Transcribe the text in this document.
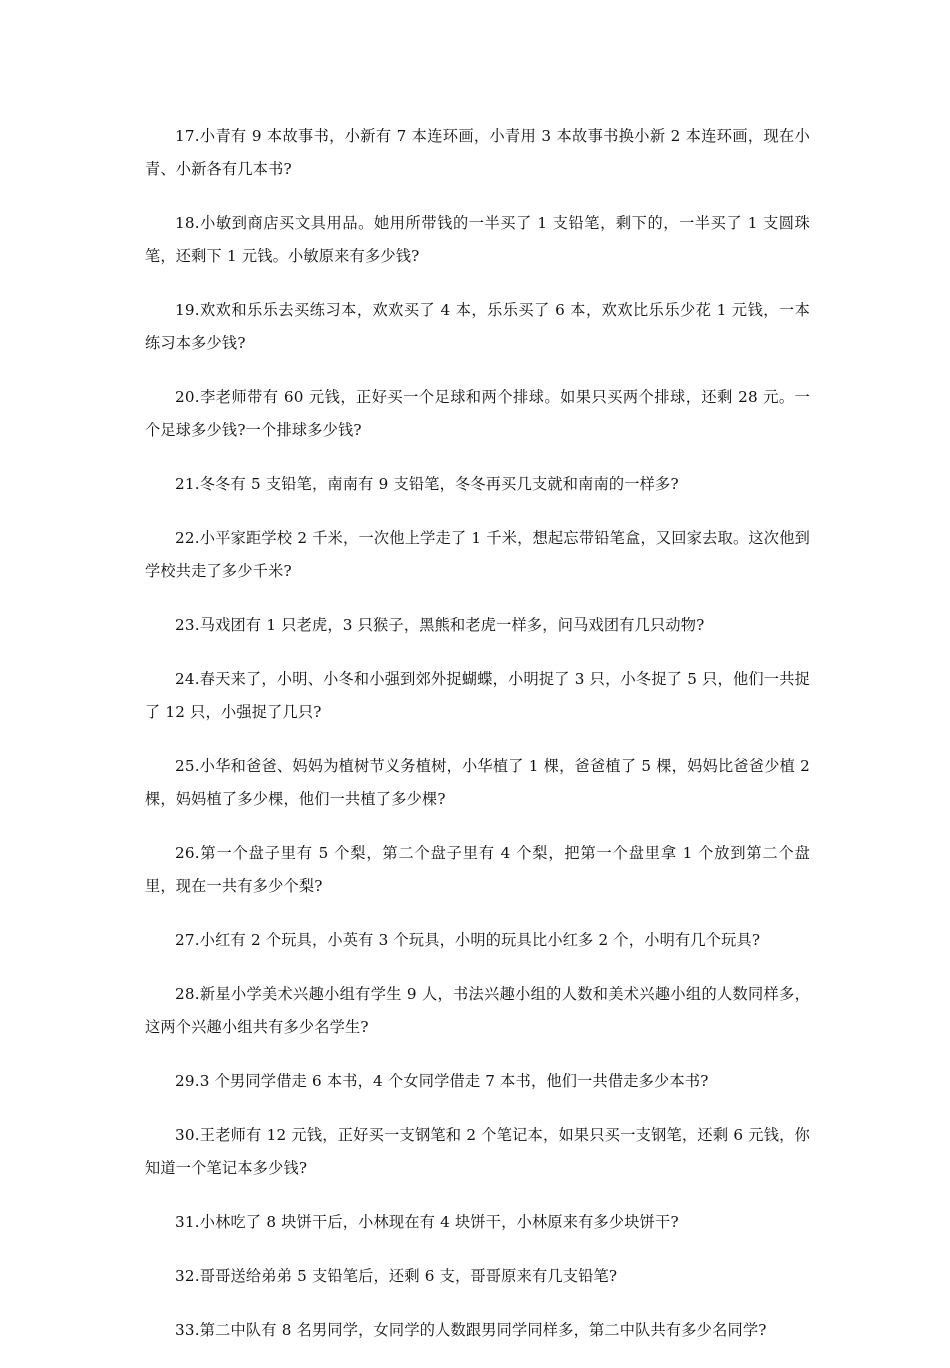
17.小青有 9 本故事书，小新有 7 本连环画，小青用 3 本故事书换小新 2 本连环画，现在小青、小新各有几本书?
18.小敏到商店买文具用品。她用所带钱的一半买了 1 支铅笔，剩下的，一半买了 1 支圆珠笔，还剩下 1 元钱。小敏原来有多少钱?
19.欢欢和乐乐去买练习本，欢欢买了 4 本，乐乐买了 6 本，欢欢比乐乐少花 1 元钱，一本练习本多少钱?
20.李老师带有 60 元钱，正好买一个足球和两个排球。如果只买两个排球，还剩 28 元。一个足球多少钱?一个排球多少钱?
21.冬冬有 5 支铅笔，南南有 9 支铅笔，冬冬再买几支就和南南的一样多?
22.小平家距学校 2 千米，一次他上学走了 1 千米，想起忘带铅笔盒，又回家去取。这次他到学校共走了多少千米?
23.马戏团有 1 只老虎，3 只猴子，黑熊和老虎一样多，问马戏团有几只动物?
24.春天来了，小明、小冬和小强到郊外捉蝴蝶，小明捉了 3 只，小冬捉了 5 只，他们一共捉了 12 只，小强捉了几只?
25.小华和爸爸、妈妈为植树节义务植树，小华植了 1 棵，爸爸植了 5 棵，妈妈比爸爸少植 2 棵，妈妈植了多少棵，他们一共植了多少棵?
26.第一个盘子里有 5 个梨，第二个盘子里有 4 个梨，把第一个盘里拿 1 个放到第二个盘里，现在一共有多少个梨?
27.小红有 2 个玩具，小英有 3 个玩具，小明的玩具比小红多 2 个，小明有几个玩具?
28.新星小学美术兴趣小组有学生 9 人，书法兴趣小组的人数和美术兴趣小组的人数同样多，这两个兴趣小组共有多少名学生?
29.3 个男同学借走 6 本书，4 个女同学借走 7 本书，他们一共借走多少本书?
30.王老师有 12 元钱，正好买一支钢笔和 2 个笔记本，如果只买一支钢笔，还剩 6 元钱，你知道一个笔记本多少钱?
31.小林吃了 8 块饼干后，小林现在有 4 块饼干，小林原来有多少块饼干?
32.哥哥送给弟弟 5 支铅笔后，还剩 6 支，哥哥原来有几支铅笔?
33.第二中队有 8 名男同学，女同学的人数跟男同学同样多，第二中队共有多少名同学?
